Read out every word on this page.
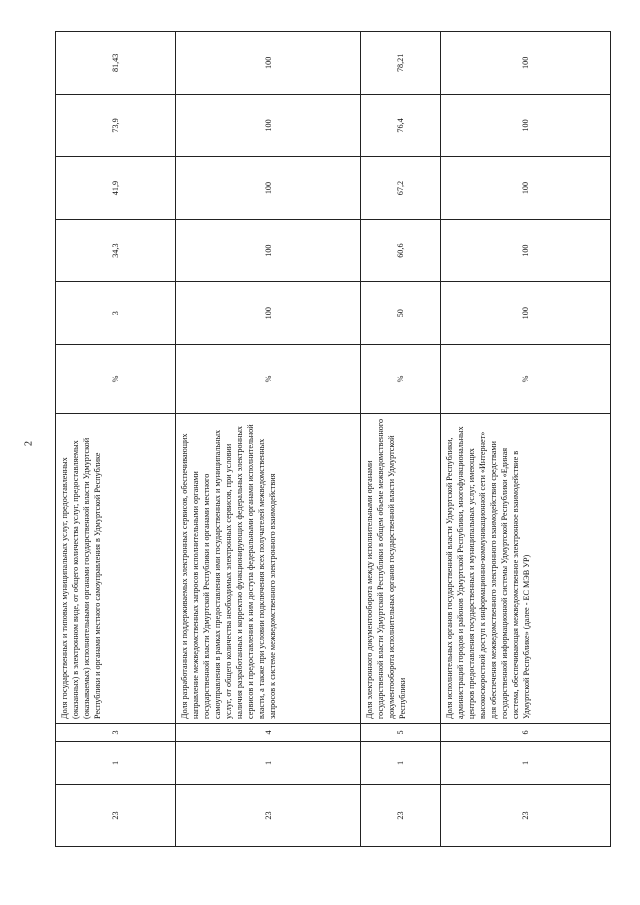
2
23	1	3	Доля государственных и типовых муниципальных услуг, предоставленных (оказанных) в электронном виде, от общего количества услуг, предоставляемых (оказываемых) исполнительными органами государственной власти Удмуртской Республики и органами местного самоуправления в Удмуртской Республике	%	3	34,3	41,9	73,9	81,43
23	1	4	Доля разработанных и поддерживаемых электронных сервисов, обеспечивающих направление межведомственных запросов исполнительными органами государственной власти Удмуртской Республики и органами местного самоуправления в рамках предоставления ими государственных и муниципальных услуг, от общего количества необходимых электронных сервисов, при условии наличия разработанных и корректно функционирующих федеральных электронных сервисов и предоставления к ним доступа федеральными органами исполнительной власти, а также при условии подключения всех получателей межведомственных запросов к системе межведомственного электронного взаимодействия	%	100	100	100	100	100
23	1	5	Доля электронного документооборота между исполнительными органами государственной власти Удмуртской Республики в общем объеме межведомственного документооборота исполнительных органов государственной власти Удмуртской Республики	%	50	60,6	67,2	76,4	78,21
23	1	6	Доля исполнительных органов государственной власти Удмуртской Республики, администраций городов и районов Удмуртской Республики, многофункциональных центров предоставления государственных и муниципальных услуг, имеющих высокоскоростной доступ к информационно-коммуникационной сети «Интернет» для обеспечения межведомственного электронного взаимодействия средствами государственной информационной системы Удмуртской Республики «Единая система, обеспечивающая межведомственное электронное взаимодействие в Удмуртской Республике» (далее - ЕС МЭВ УР)	%	100	100	100	100	100
